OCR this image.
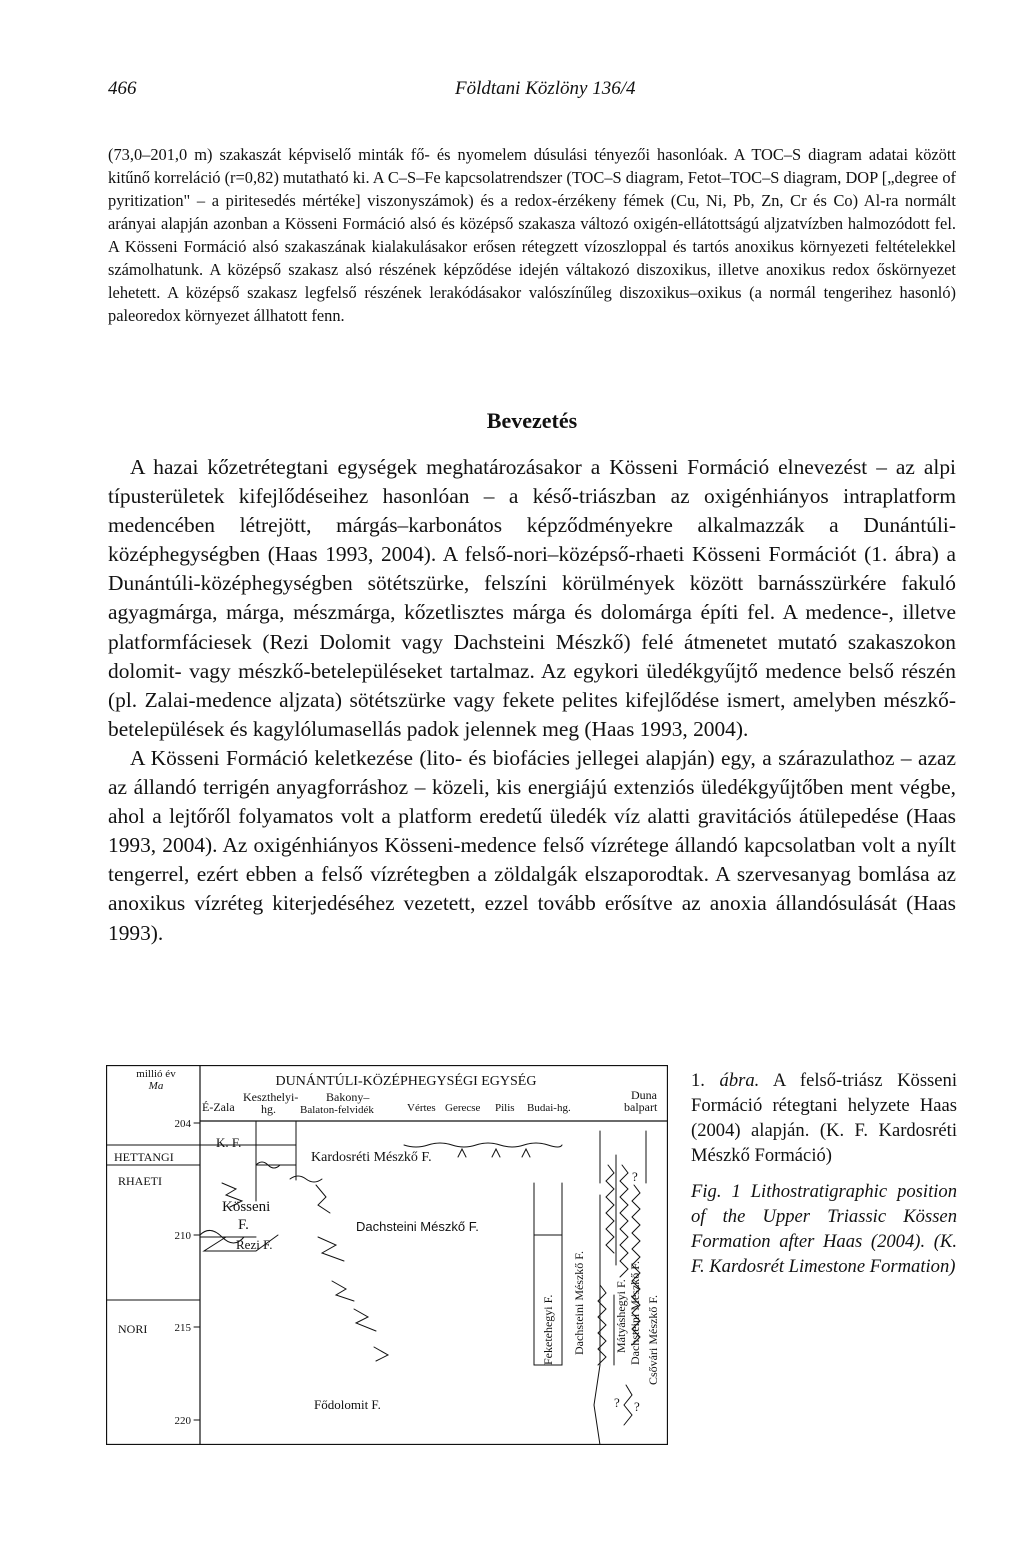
466	Földtani Közlöny 136/4

(73,0–201,0 m) szakaszát képviselő minták fő- és nyomelem dúsulási tényezői hasonlóak. A TOC–S diagram adatai között kitűnő korreláció (r=0,82) mutatható ki. A C–S–Fe kapcsolatrendszer (TOC–S diagram, Fetot–TOC–S diagram, DOP [„degree of pyritization" – a piritesedés mértéke] viszonyszámok) és a redox-érzékeny fémek (Cu, Ni, Pb, Zn, Cr és Co) Al-ra normált arányai alapján azonban a Kösseni Formáció alsó és középső szakasza változó oxigén-ellátottságú aljzatvízben halmozódott fel. A Kösseni Formáció alsó szakaszának kialakulásakor erősen rétegzett vízoszloppal és tartós anoxikus környezeti feltételekkel számolhatunk. A középső szakasz alsó részének képződése idején váltakozó diszoxikus, illetve anoxikus redox őskörnyezet lehetett. A középső szakasz legfelső részének lerakódásakor valószínűleg diszoxikus–oxikus (a normál tengerihez hasonló) paleoredox környezet állhatott fenn.

Bevezetés

A hazai kőzetrétegtani egységek meghatározásakor a Kösseni Formáció elnevezést – az alpi típusterületek kifejlődéseihez hasonlóan – a késő-triászban az oxigénhiányos intraplatform medencében létrejött, márgás–karbonátos képződményekre alkalmazzák a Dunántúli-középhegységben (Haas 1993, 2004). A felső-nori–középső-rhaeti Kösseni Formációt (1. ábra) a Dunántúli-középhegységben sötétszürke, felszíni körülmények között barnásszürkére fakuló agyagmárga, márga, mészmárga, kőzetlisztes márga és dolomárga építi fel. A medence-, illetve platformfáciesek (Rezi Dolomit vagy Dachsteini Mészkő) felé átmenetet mutató szakaszokon dolomit- vagy mészkő-betelepüléseket tartalmaz. Az egykori üledékgyűjtő medence belső részén (pl. Zalai-medence aljzata) sötétszürke vagy fekete pelites kifejlődése ismert, amelyben mészkő-betelepülések és kagylólumasellás padok jelennek meg (Haas 1993, 2004).

A Kösseni Formáció keletkezése (lito- és biofácies jellegei alapján) egy, a szárazulathoz – azaz az állandó terrigén anyagforráshoz – közeli, kis energiájú extenziós üledékgyűjtőben ment végbe, ahol a lejtőről folyamatos volt a platform eredetű üledék víz alatti gravitációs átülepedése (Haas 1993, 2004). Az oxigénhiányos Kösseni-medence felső vízrétege állandó kapcsolatban volt a nyílt tengerrel, ezért ebben a felső vízrétegben a zöldalgák elszaporodtak. A szervesanyag bomlása az anoxikus vízréteg kiterjedéséhez vezetett, ezzel tovább erősítve az anoxia állandósulását (Haas 1993).

millió év
Ma
204
210
215
220
HETTANGI
RHAETI
NORI
DUNÁNTÚLI-KÖZÉPHEGYSÉGI EGYSÉG
É-Zala
Keszthelyi-
hg.
Bakony–
Balaton-felvidék	Vértes Gerecse Pilis Budai-hg.
Duna
balpart
K. F.
Kardosréti Mészkő F.
Kösseni
F.
Rezi F.
Dachsteini Mészkő F.
Fődolomit F.
Feketehegyi F. Dachsteini Mészkő F. Mátyáshegyi F. Dachsteini Mészkő F. Csővári Mészkő F.
?
? ?

1. ábra. A felső-triász Kösseni Formáció rétegtani helyzete Haas (2004) alapján. (K. F. Kardosréti Mészkő Formáció)

Fig. 1 Lithostratigraphic position of the Upper Triassic Kössen Formation after Haas (2004). (K. F. Kardosrét Limestone Formation)
